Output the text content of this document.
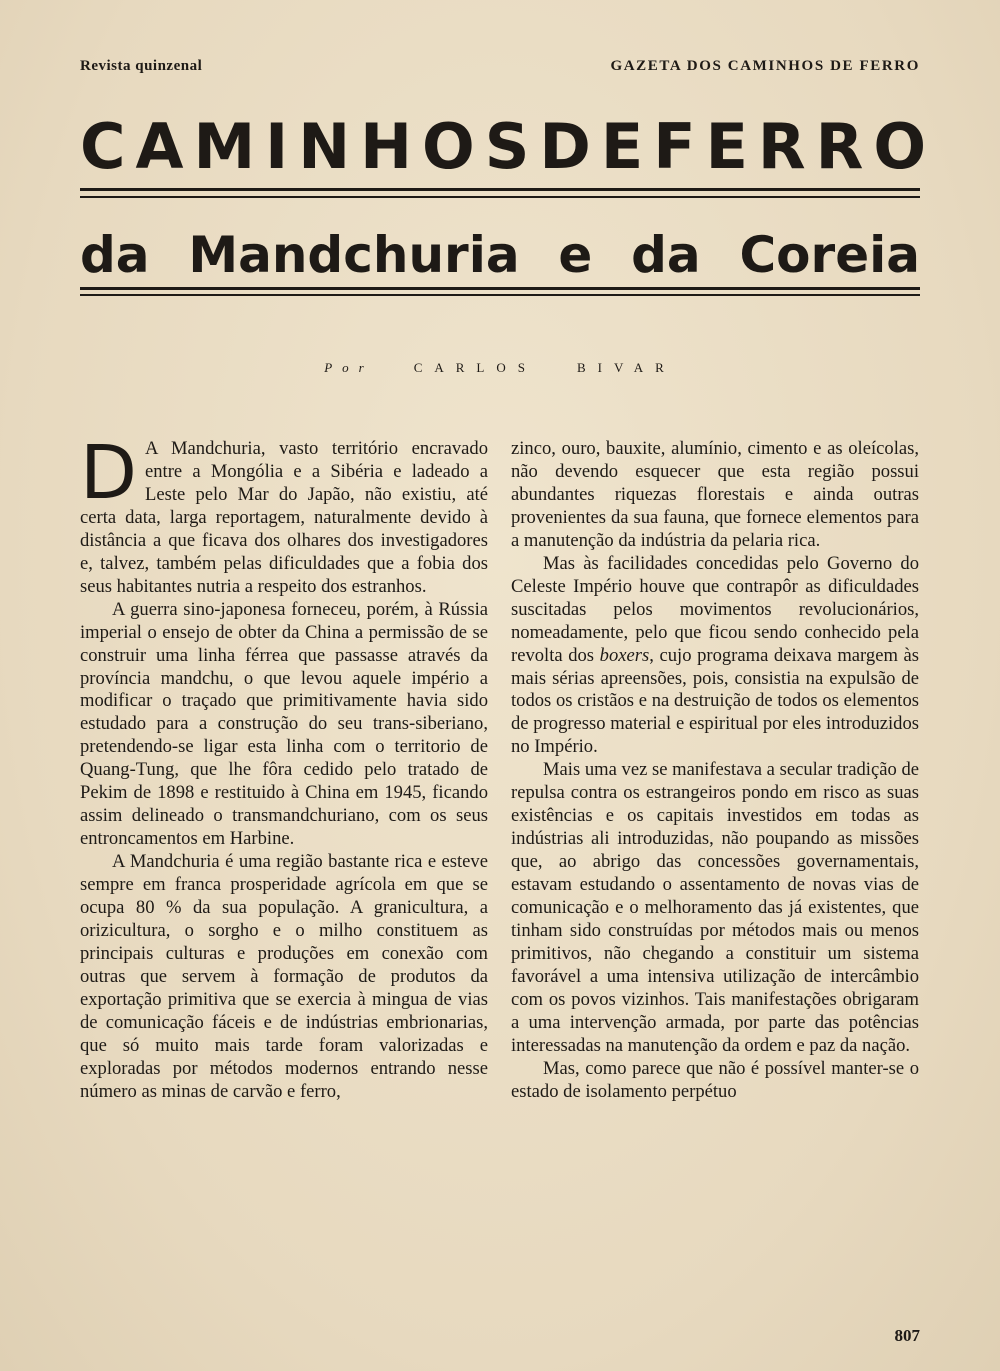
Revista quinzenal	GAZETA DOS CAMINHOS DE FERRO
CAMINHOS DE FERRO
da Mandchuria e da Coreia
Por	CARLOS	BIVAR

D A Mandchuria, vasto território encravado entre a Mongólia e a Sibéria e ladeado a Leste pelo Mar do Japão, não existiu, até certa data, larga reportagem, naturalmente devido à distância a que ficava dos olhares dos investigadores e, talvez, também pelas dificuldades que a fobia dos seus habitantes nutria a respeito dos estranhos.

A guerra sino-japonesa forneceu, porém, à Rússia imperial o ensejo de obter da China a permissão de se construir uma linha férrea que passasse através da província mandchu, o que levou aquele império a modificar o traçado que primitivamente havia sido estudado para a construção do seu trans-siberiano, pretendendo-se ligar esta linha com o territorio de Quang-Tung, que lhe fôra cedido pelo tratado de Pekim de 1898 e restituido à China em 1945, ficando assim delineado o transmandchuriano, com os seus entroncamentos em Harbine.

A Mandchuria é uma região bastante rica e esteve sempre em franca prosperidade agrícola em que se ocupa 80 % da sua população. A granicultura, a orizicultura, o sorgho e o milho constituem as principais culturas e produções em conexão com outras que servem à formação de produtos da exportação primitiva que se exercia à mingua de vias de comunicação fáceis e de indústrias embrionarias, que só muito mais tarde foram valorizadas e exploradas por métodos modernos entrando nesse número as minas de carvão e ferro,

zinco, ouro, bauxite, alumínio, cimento e as oleícolas, não devendo esquecer que esta região possui abundantes riquezas florestais e ainda outras provenientes da sua fauna, que fornece elementos para a manutenção da indústria da pelaria rica.

Mas às facilidades concedidas pelo Governo do Celeste Império houve que contrapôr as dificuldades suscitadas pelos movimentos revolucionários, nomeadamente, pelo que ficou sendo conhecido pela revolta dos boxers, cujo programa deixava margem às mais sérias apreensões, pois, consistia na expulsão de todos os cristãos e na destruição de todos os elementos de progresso material e espiritual por eles introduzidos no Império.

Mais uma vez se manifestava a secular tradição de repulsa contra os estrangeiros pondo em risco as suas existências e os capitais investidos em todas as indústrias ali introduzidas, não poupando as missões que, ao abrigo das concessões governamentais, estavam estudando o assentamento de novas vias de comunicação e o melhoramento das já existentes, que tinham sido construídas por métodos mais ou menos primitivos, não chegando a constituir um sistema favorável a uma intensiva utilização de intercâmbio com os povos vizinhos. Tais manifestações obrigaram a uma intervenção armada, por parte das potências interessadas na manutenção da ordem e paz da nação.

Mas, como parece que não é possível manter-se o estado de isolamento perpétuo

807
